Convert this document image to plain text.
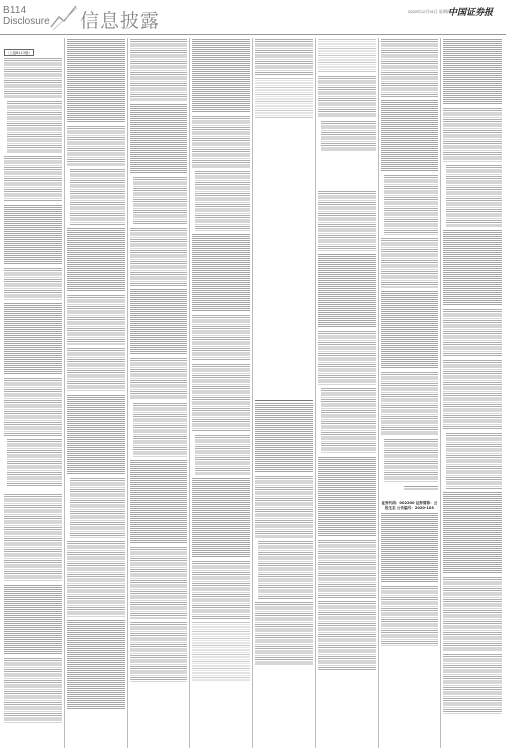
B114
Disclosure 信息披露	2020年12月31日 星期四
中国证券报
（上接B113版）
证券代码：002200 证券简称：云投生态 公告编号：2020-103
